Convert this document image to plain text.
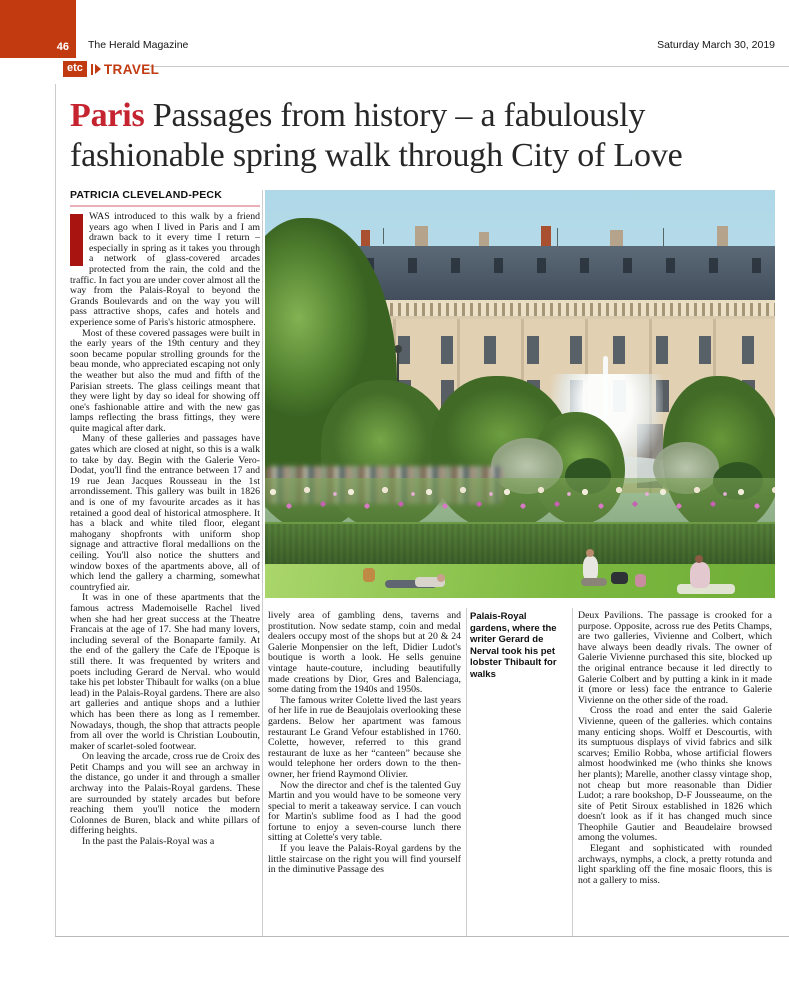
46 The Herald Magazine	Saturday March 30, 2019
etc TRAVEL
Paris Passages from history – a fabulously fashionable spring walk through City of Love
PATRICIA CLEVELAND-PECK
Palais-Royal gardens, where the writer Gerard de Nerval took his pet lobster Thibault for walks

WAS introduced to this walk by a friend years ago when I lived in Paris and I am drawn back to it every time I return – especially in spring as it takes you through a network of glass-covered arcades protected from the rain, the cold and the traffic. In fact you are under cover almost all the way from the Palais-Royal to beyond the Grands Boulevards and on the way you will pass attractive shops, cafes and hotels and experience some of Paris's historic atmosphere.

Most of these covered passages were built in the early years of the 19th century and they soon became popular strolling grounds for the beau monde, who appreciated escaping not only the weather but also the mud and fifth of the Parisian streets. The glass ceilings meant that they were light by day so ideal for showing off one's fashionable attire and with the new gas lamps reflecting the brass fittings, they were quite magical after dark.

Many of these galleries and passages have gates which are closed at night, so this is a walk to take by day. Begin with the Galerie Vero-Dodat, you'll find the entrance between 17 and 19 rue Jean Jacques Rousseau in the 1st arrondissement. This gallery was built in 1826 and is one of my favourite arcades as it has retained a good deal of historical atmosphere. It has a black and white tiled floor, elegant mahogany shopfronts with uniform shop signage and attractive floral medallions on the ceiling. You'll also notice the shutters and window boxes of the apartments above, all of which lend the gallery a charming, somewhat countryfied air.

It was in one of these apartments that the famous actress Mademoiselle Rachel lived when she had her great success at the Theatre Francais at the age of 17. She had many lovers, including several of the Bonaparte family. At the end of the gallery the Cafe de l'Epoque is still there. It was frequented by writers and poets including Gerard de Nerval. who would take his pet lobster Thibault for walks (on a blue lead) in the Palais-Royal gardens. There are also art galleries and antique shops and a luthier which has been there as long as I remember. Nowadays, though, the shop that attracts people from all over the world is Christian Louboutin, maker of scarlet-soled footwear.

On leaving the arcade, cross rue de Croix des Petit Champs and you will see an archway in the distance, go under it and through a smaller archway into the Palais-Royal gardens. These are surrounded by stately arcades but before reaching them you'll notice the modern Colonnes de Buren, black and white pillars of differing heights.

In the past the Palais-Royal was a

lively area of gambling dens, taverns and prostitution. Now sedate stamp, coin and medal dealers occupy most of the shops but at 20 & 24 Galerie Monpensier on the left, Didier Ludot's boutique is worth a look. He sells genuine vintage haute-couture, including beautifully made creations by Dior, Gres and Balenciaga, some dating from the 1940s and 1950s.

The famous writer Colette lived the last years of her life in rue de Beaujolais overlooking these gardens. Below her apartment was famous restaurant Le Grand Vefour established in 1760. Colette, however, referred to this grand restaurant de luxe as her “canteen” because she would telephone her orders down to the then-owner, her friend Raymond Olivier.

Now the director and chef is the talented Guy Martin and you would have to be someone very special to merit a takeaway service. I can vouch for Martin's sublime food as I had the good fortune to enjoy a seven-course lunch there sitting at Colette's very table.

If you leave the Palais-Royal gardens by the little staircase on the right you will find yourself in the diminutive Passage des

Deux Pavilions. The passage is crooked for a purpose. Opposite, across rue des Petits Champs, are two galleries, Vivienne and Colbert, which have always been deadly rivals. The owner of Galerie Vivienne purchased this site, blocked up the original entrance because it led directly to Galerie Colbert and by putting a kink in it made it (more or less) face the entrance to Galerie Vivienne on the other side of the road.

Cross the road and enter the said Galerie Vivienne, queen of the galleries. which contains many enticing shops. Wolff et Descourtis, with its sumptuous displays of vivid fabrics and silk scarves; Emilio Robba, whose artificial flowers almost hoodwinked me (who thinks she knows her plants); Marelle, another classy vintage shop, not cheap but more reasonable than Didier Ludot; a rare bookshop, D-F Jousseaume, on the site of Petit Siroux established in 1826 which doesn't look as if it has changed much since Theophile Gautier and Beaudelaire browsed among the volumes.

Elegant and sophisticated with rounded archways, nymphs, a clock, a pretty rotunda and light sparkling off the fine mosaic floors, this is not a gallery to miss.
